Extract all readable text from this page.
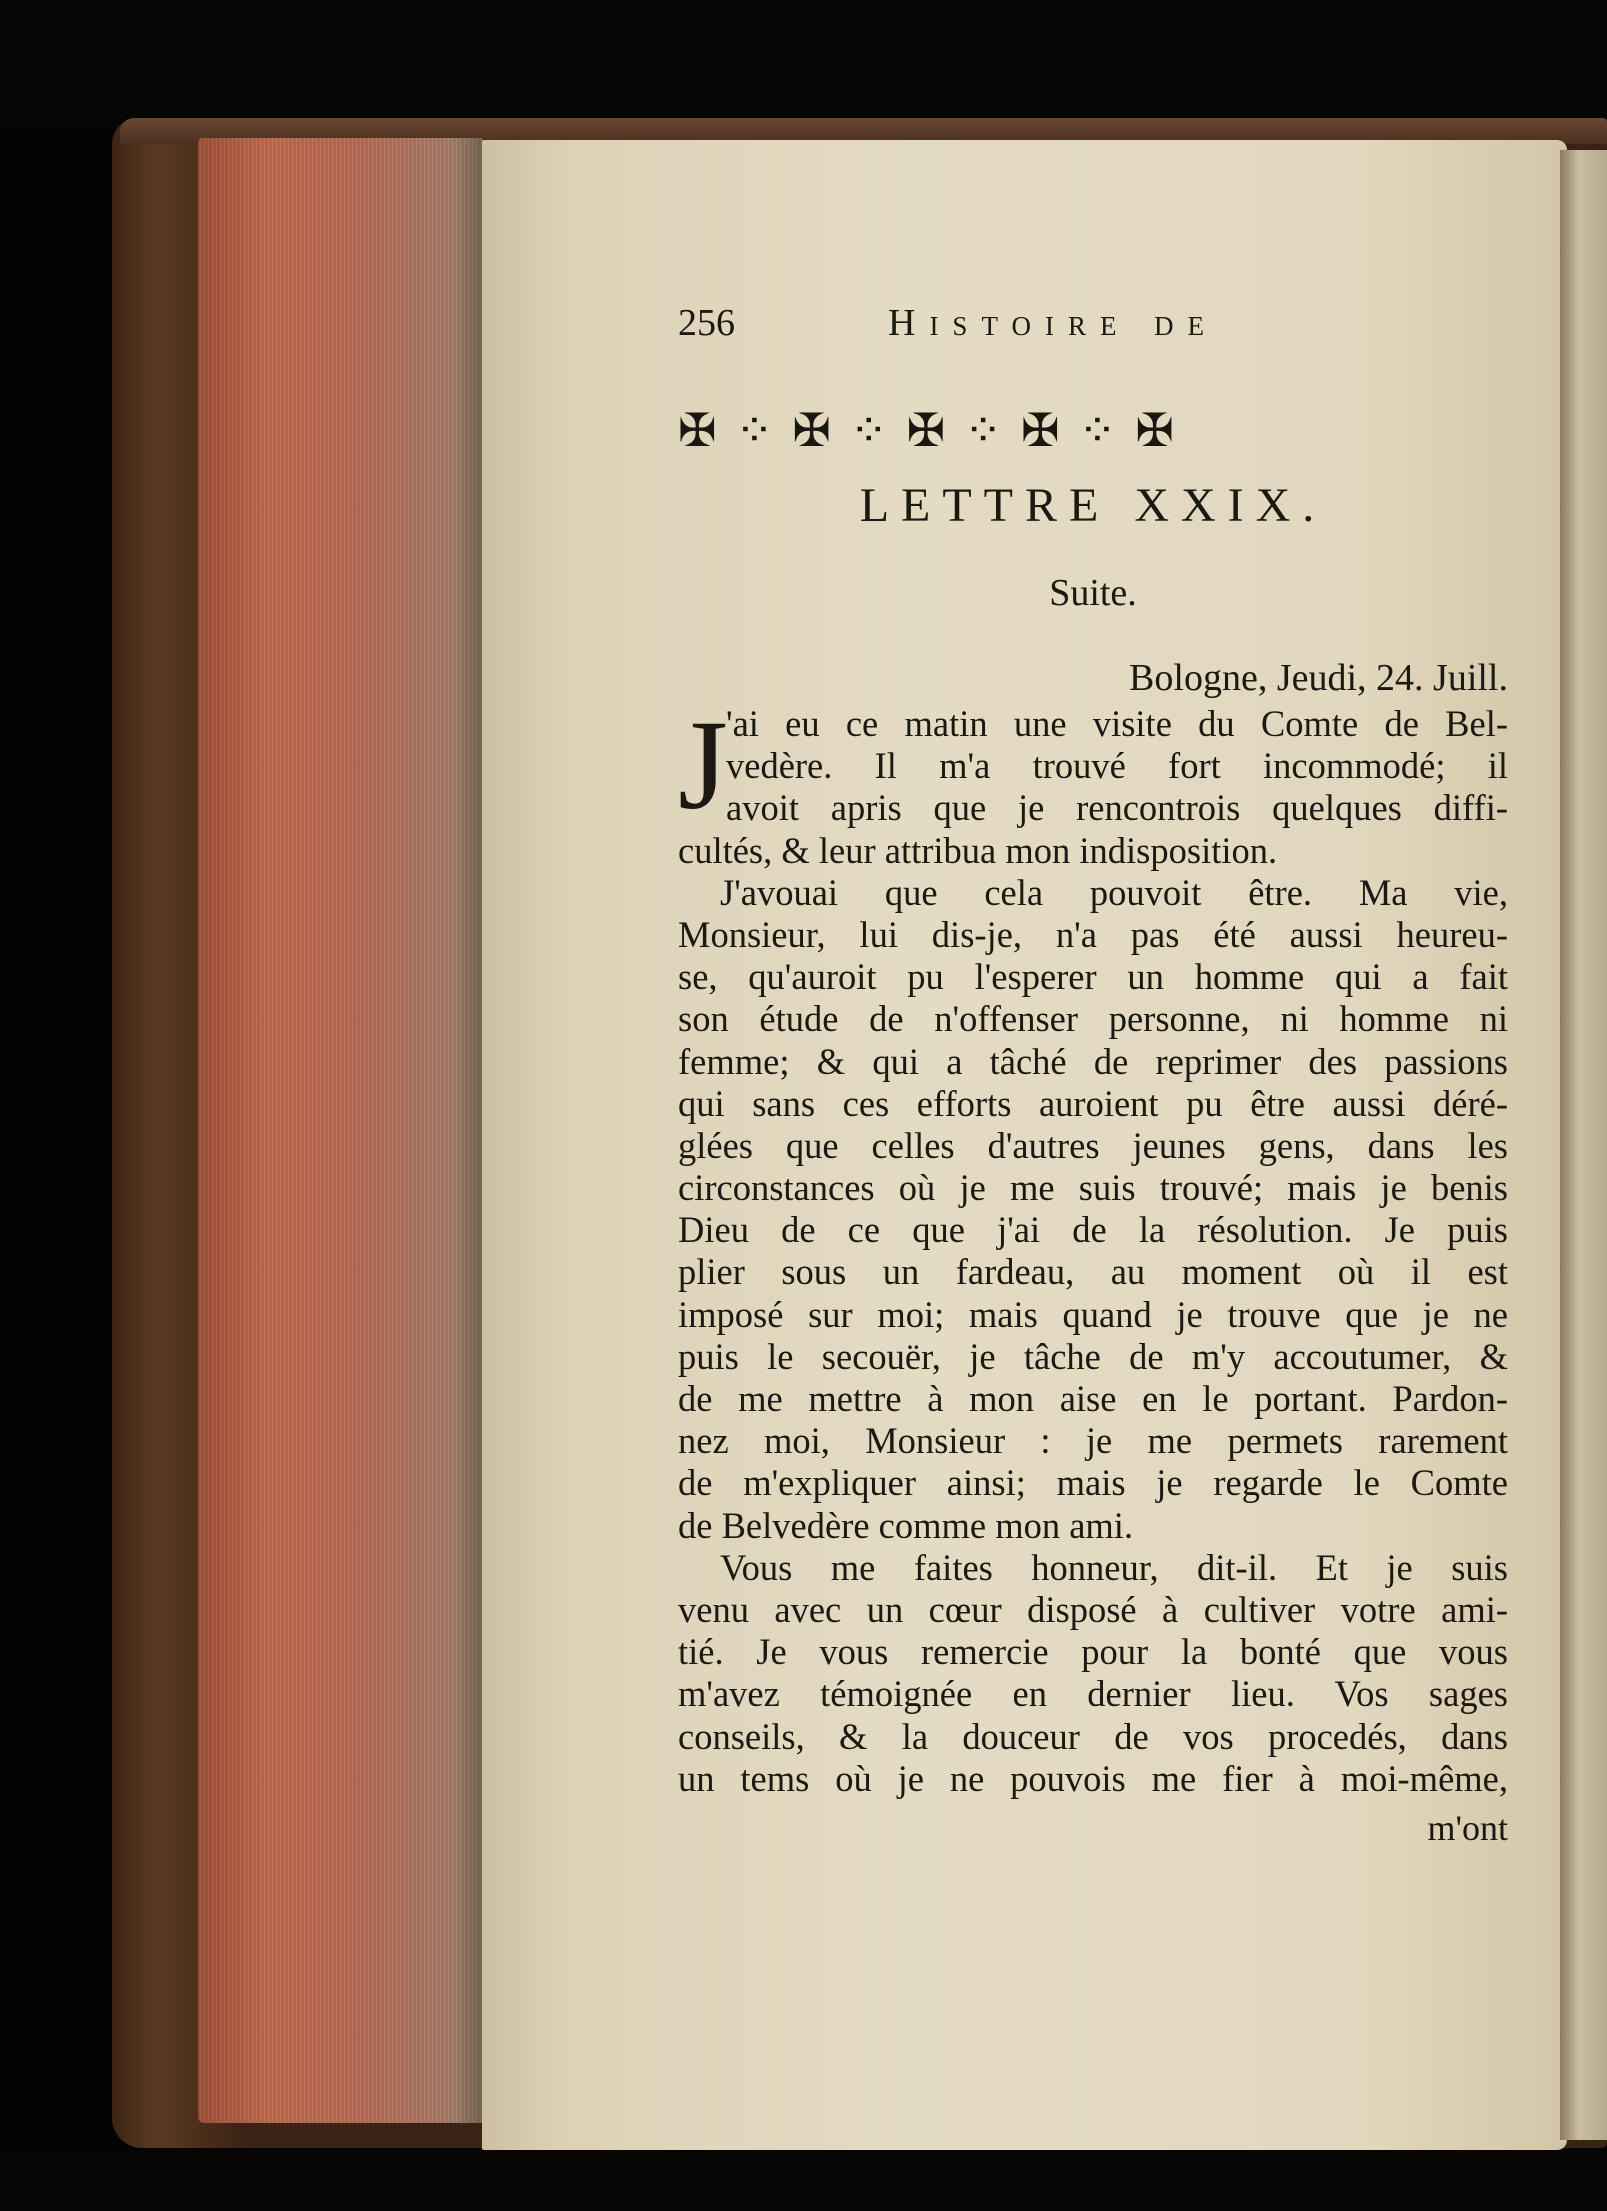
256	Histoire de
✠ ⁘ ✠ ⁘ ✠ ⁘ ✠ ⁘ ✠
LETTRE XXIX.
Suite.
Bologne, Jeudi, 24. Juill.
J
'ai eu ce matin une visite du Comte de Bel-
vedère. Il m'a trouvé fort incommodé; il
avoit apris que je rencontrois quelques diffi-
cultés, & leur attribua mon indisposition.
J'avouai que cela pouvoit être. Ma vie,
Monsieur, lui dis-je, n'a pas été aussi heureu-
se, qu'auroit pu l'esperer un homme qui a fait
son étude de n'offenser personne, ni homme ni
femme; & qui a tâché de reprimer des passions
qui sans ces efforts auroient pu être aussi déré-
glées que celles d'autres jeunes gens, dans les
circonstances où je me suis trouvé; mais je benis
Dieu de ce que j'ai de la résolution. Je puis
plier sous un fardeau, au moment où il est
imposé sur moi; mais quand je trouve que je ne
puis le secouër, je tâche de m'y accoutumer, &
de me mettre à mon aise en le portant. Pardon-
nez moi, Monsieur : je me permets rarement
de m'expliquer ainsi; mais je regarde le Comte
de Belvedère comme mon ami.
Vous me faites honneur, dit-il. Et je suis
venu avec un cœur disposé à cultiver votre ami-
tié. Je vous remercie pour la bonté que vous
m'avez témoignée en dernier lieu. Vos sages
conseils, & la douceur de vos procedés, dans
un tems où je ne pouvois me fier à moi-même,
m'ont
